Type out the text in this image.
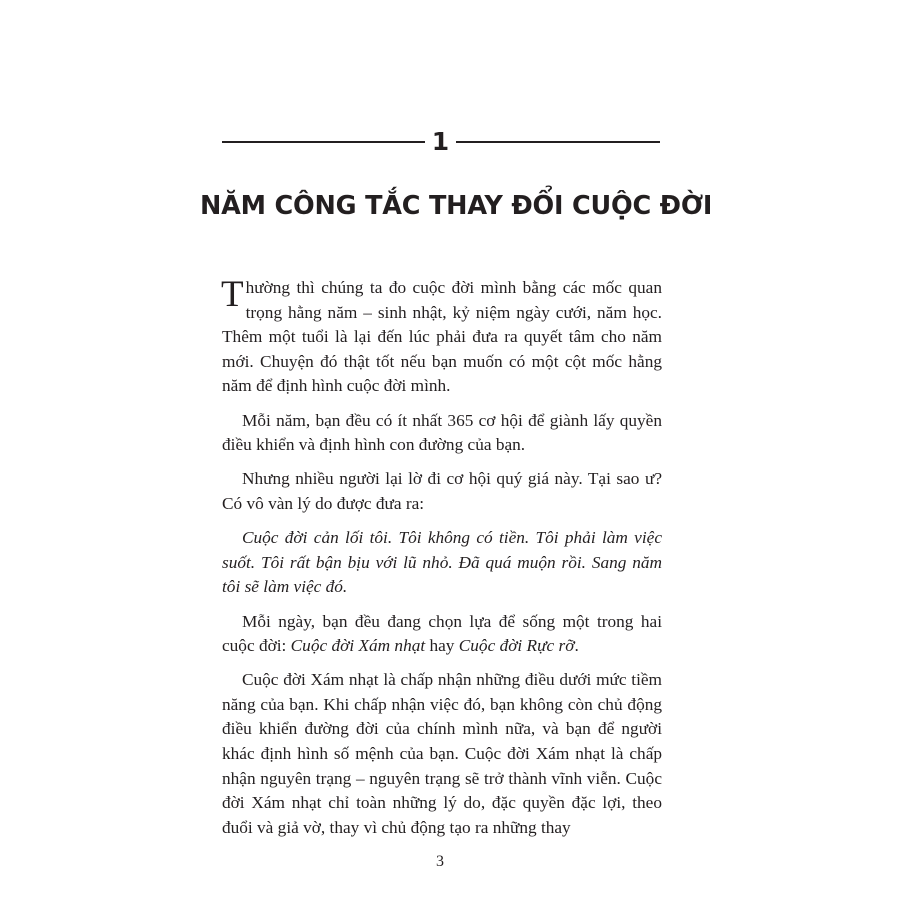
1
NĂM CÔNG TẮC THAY ĐỔI CUỘC ĐỜI

Thường thì chúng ta đo cuộc đời mình bằng các mốc quan trọng hằng năm – sinh nhật, kỷ niệm ngày cưới, năm học. Thêm một tuổi là lại đến lúc phải đưa ra quyết tâm cho năm mới. Chuyện đó thật tốt nếu bạn muốn có một cột mốc hằng năm để định hình cuộc đời mình.

Mỗi năm, bạn đều có ít nhất 365 cơ hội để giành lấy quyền điều khiển và định hình con đường của bạn.

Nhưng nhiều người lại lờ đi cơ hội quý giá này. Tại sao ư? Có vô vàn lý do được đưa ra:

Cuộc đời cản lối tôi. Tôi không có tiền. Tôi phải làm việc suốt. Tôi rất bận bịu với lũ nhỏ. Đã quá muộn rồi. Sang năm tôi sẽ làm việc đó.

Mỗi ngày, bạn đều đang chọn lựa để sống một trong hai cuộc đời: Cuộc đời Xám nhạt hay Cuộc đời Rực rỡ.

Cuộc đời Xám nhạt là chấp nhận những điều dưới mức tiềm năng của bạn. Khi chấp nhận việc đó, bạn không còn chủ động điều khiển đường đời của chính mình nữa, và bạn để người khác định hình số mệnh của bạn. Cuộc đời Xám nhạt là chấp nhận nguyên trạng – nguyên trạng sẽ trở thành vĩnh viễn. Cuộc đời Xám nhạt chỉ toàn những lý do, đặc quyền đặc lợi, theo đuổi và giả vờ, thay vì chủ động tạo ra những thay

3
